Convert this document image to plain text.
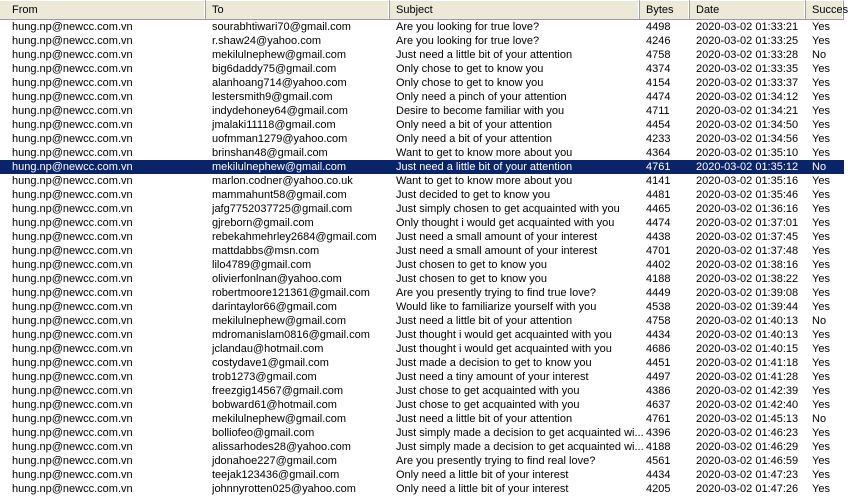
From	To	Subject	Bytes	Date	Succes
hung.np@newcc.com.vn	sourabhtiwari70@gmail.com	Are you looking for true love?	4498	2020-03-02 01:33:21	Yes
hung.np@newcc.com.vn	r.shaw24@yahoo.com	Are you looking for true love?	4246	2020-03-02 01:33:25	Yes
hung.np@newcc.com.vn	mekilulnephew@gmail.com	Just need a little bit of your attention	4758	2020-03-02 01:33:28	No
hung.np@newcc.com.vn	big6daddy75@gmail.com	Only chose to get to know you	4374	2020-03-02 01:33:35	Yes
hung.np@newcc.com.vn	alanhoang714@yahoo.com	Only chose to get to know you	4154	2020-03-02 01:33:37	Yes
hung.np@newcc.com.vn	lestersmith9@gmail.com	Only need a pinch of your attention	4474	2020-03-02 01:34:12	Yes
hung.np@newcc.com.vn	indydehoney64@gmail.com	Desire to become familiar with you	4711	2020-03-02 01:34:21	Yes
hung.np@newcc.com.vn	jmalaki11118@gmail.com	Only need a bit of your attention	4454	2020-03-02 01:34:50	Yes
hung.np@newcc.com.vn	uofmman1279@yahoo.com	Only need a bit of your attention	4233	2020-03-02 01:34:56	Yes
hung.np@newcc.com.vn	brinshan48@gmail.com	Want to get to know more about you	4364	2020-03-02 01:35:10	Yes
hung.np@newcc.com.vn	mekilulnephew@gmail.com	Just need a little bit of your attention	4761	2020-03-02 01:35:12	No
hung.np@newcc.com.vn	marlon.codner@yahoo.co.uk	Want to get to know more about you	4141	2020-03-02 01:35:16	Yes
hung.np@newcc.com.vn	mammahunt58@gmail.com	Just decided to get to know you	4481	2020-03-02 01:35:46	Yes
hung.np@newcc.com.vn	jafg7752037725@gmail.com	Just simply chosen to get acquainted with you	4465	2020-03-02 01:36:16	Yes
hung.np@newcc.com.vn	gjreborn@gmail.com	Only thought i would get acquainted with you	4474	2020-03-02 01:37:01	Yes
hung.np@newcc.com.vn	rebekahmehrley2684@gmail.com	Just need a small amount of your interest	4438	2020-03-02 01:37:45	Yes
hung.np@newcc.com.vn	mattdabbs@msn.com	Just need a small amount of your interest	4701	2020-03-02 01:37:48	Yes
hung.np@newcc.com.vn	lilo4789@gmail.com	Just chosen to get to know you	4402	2020-03-02 01:38:16	Yes
hung.np@newcc.com.vn	olivierfonlnan@yahoo.com	Just chosen to get to know you	4188	2020-03-02 01:38:22	Yes
hung.np@newcc.com.vn	robertmoore121361@gmail.com	Are you presently trying to find true love?	4449	2020-03-02 01:39:08	Yes
hung.np@newcc.com.vn	darintaylor66@gmail.com	Would like to familiarize yourself with you	4538	2020-03-02 01:39:44	Yes
hung.np@newcc.com.vn	mekilulnephew@gmail.com	Just need a little bit of your attention	4758	2020-03-02 01:40:13	No
hung.np@newcc.com.vn	mdromanislam0816@gmail.com	Just thought i would get acquainted with you	4434	2020-03-02 01:40:13	Yes
hung.np@newcc.com.vn	jclandau@hotmail.com	Just thought i would get acquainted with you	4686	2020-03-02 01:40:15	Yes
hung.np@newcc.com.vn	costydave1@gmail.com	Just made a decision to get to know you	4451	2020-03-02 01:41:18	Yes
hung.np@newcc.com.vn	trob1273@gmail.com	Just need a tiny amount of your interest	4497	2020-03-02 01:41:28	Yes
hung.np@newcc.com.vn	freezgig14567@gmail.com	Just chose to get acquainted with you	4386	2020-03-02 01:42:39	Yes
hung.np@newcc.com.vn	bobward61@hotmail.com	Just chose to get acquainted with you	4637	2020-03-02 01:42:40	Yes
hung.np@newcc.com.vn	mekilulnephew@gmail.com	Just need a little bit of your attention	4761	2020-03-02 01:45:13	No
hung.np@newcc.com.vn	bolliofeo@gmail.com	Just simply made a decision to get acquainted wi... 4396	2020-03-02 01:46:23	Yes
hung.np@newcc.com.vn	alissarhodes28@yahoo.com	Just simply made a decision to get acquainted wi... 4188	2020-03-02 01:46:29	Yes
hung.np@newcc.com.vn	jdonahoe227@gmail.com	Are you presently trying to find real love?	4561	2020-03-02 01:46:59	Yes
hung.np@newcc.com.vn	teejak123436@gmail.com	Only need a little bit of your interest	4434	2020-03-02 01:47:23	Yes
hung.np@newcc.com.vn	johnnyrotten025@yahoo.com	Only need a little bit of your interest	4205	2020-03-02 01:47:26	Yes
